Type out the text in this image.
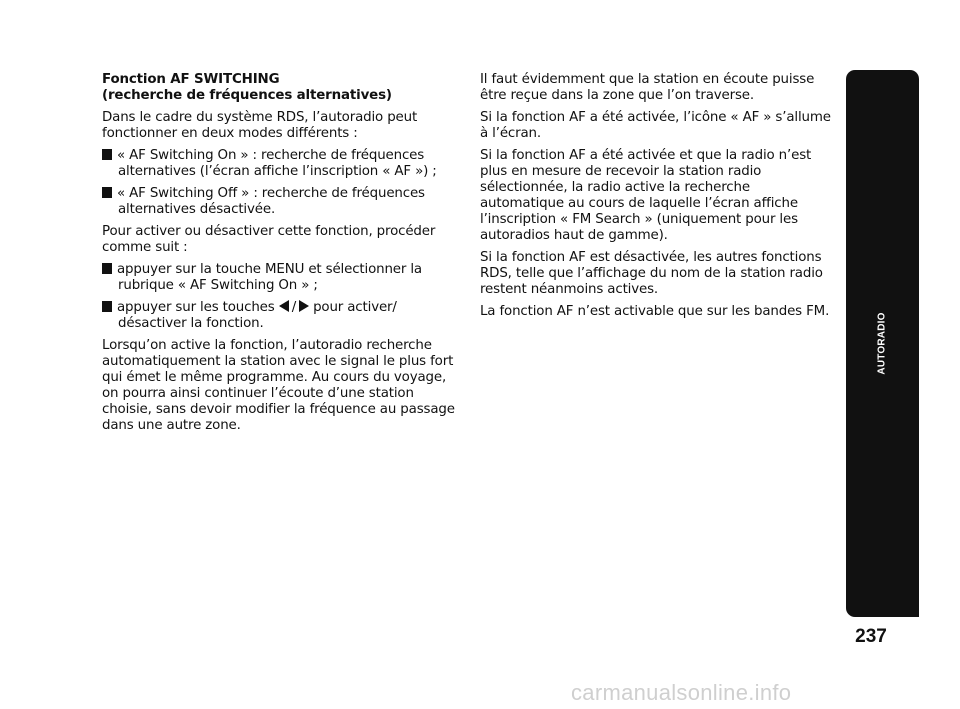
Fonction AF SWITCHING
(recherche de fréquences alternatives)

Dans le cadre du système RDS, l’autoradio peut fonctionner en deux modes différents :

« AF Switching On » : recherche de fréquences alternatives (l’écran affiche l’inscription « AF ») ;

« AF Switching Off » : recherche de fréquences alternatives désactivée.

Pour activer ou désactiver cette fonction, procéder comme suit :

appuyer sur la touche MENU et sélectionner la rubrique « AF Switching On » ;

appuyer sur les touches / pour activer/ désactiver la fonction.

Lorsqu’on active la fonction, l’autoradio recherche automatiquement la station avec le signal le plus fort qui émet le même programme. Au cours du voyage, on pourra ainsi continuer l’écoute d’une station choisie, sans devoir modifier la fréquence au passage dans une autre zone.

Il faut évidemment que la station en écoute puisse être reçue dans la zone que l’on traverse.

Si la fonction AF a été activée, l’icône « AF » s’allume à l’écran.

Si la fonction AF a été activée et que la radio n’est plus en mesure de recevoir la station radio sélectionnée, la radio active la recherche automatique au cours de laquelle l’écran affiche l’inscription « FM Search » (uniquement pour les autoradios haut de gamme).

Si la fonction AF est désactivée, les autres fonctions RDS, telle que l’affichage du nom de la station radio restent néanmoins actives.

La fonction AF n’est activable que sur les bandes FM.

AUTORADIO
237
carmanualsonline.info
